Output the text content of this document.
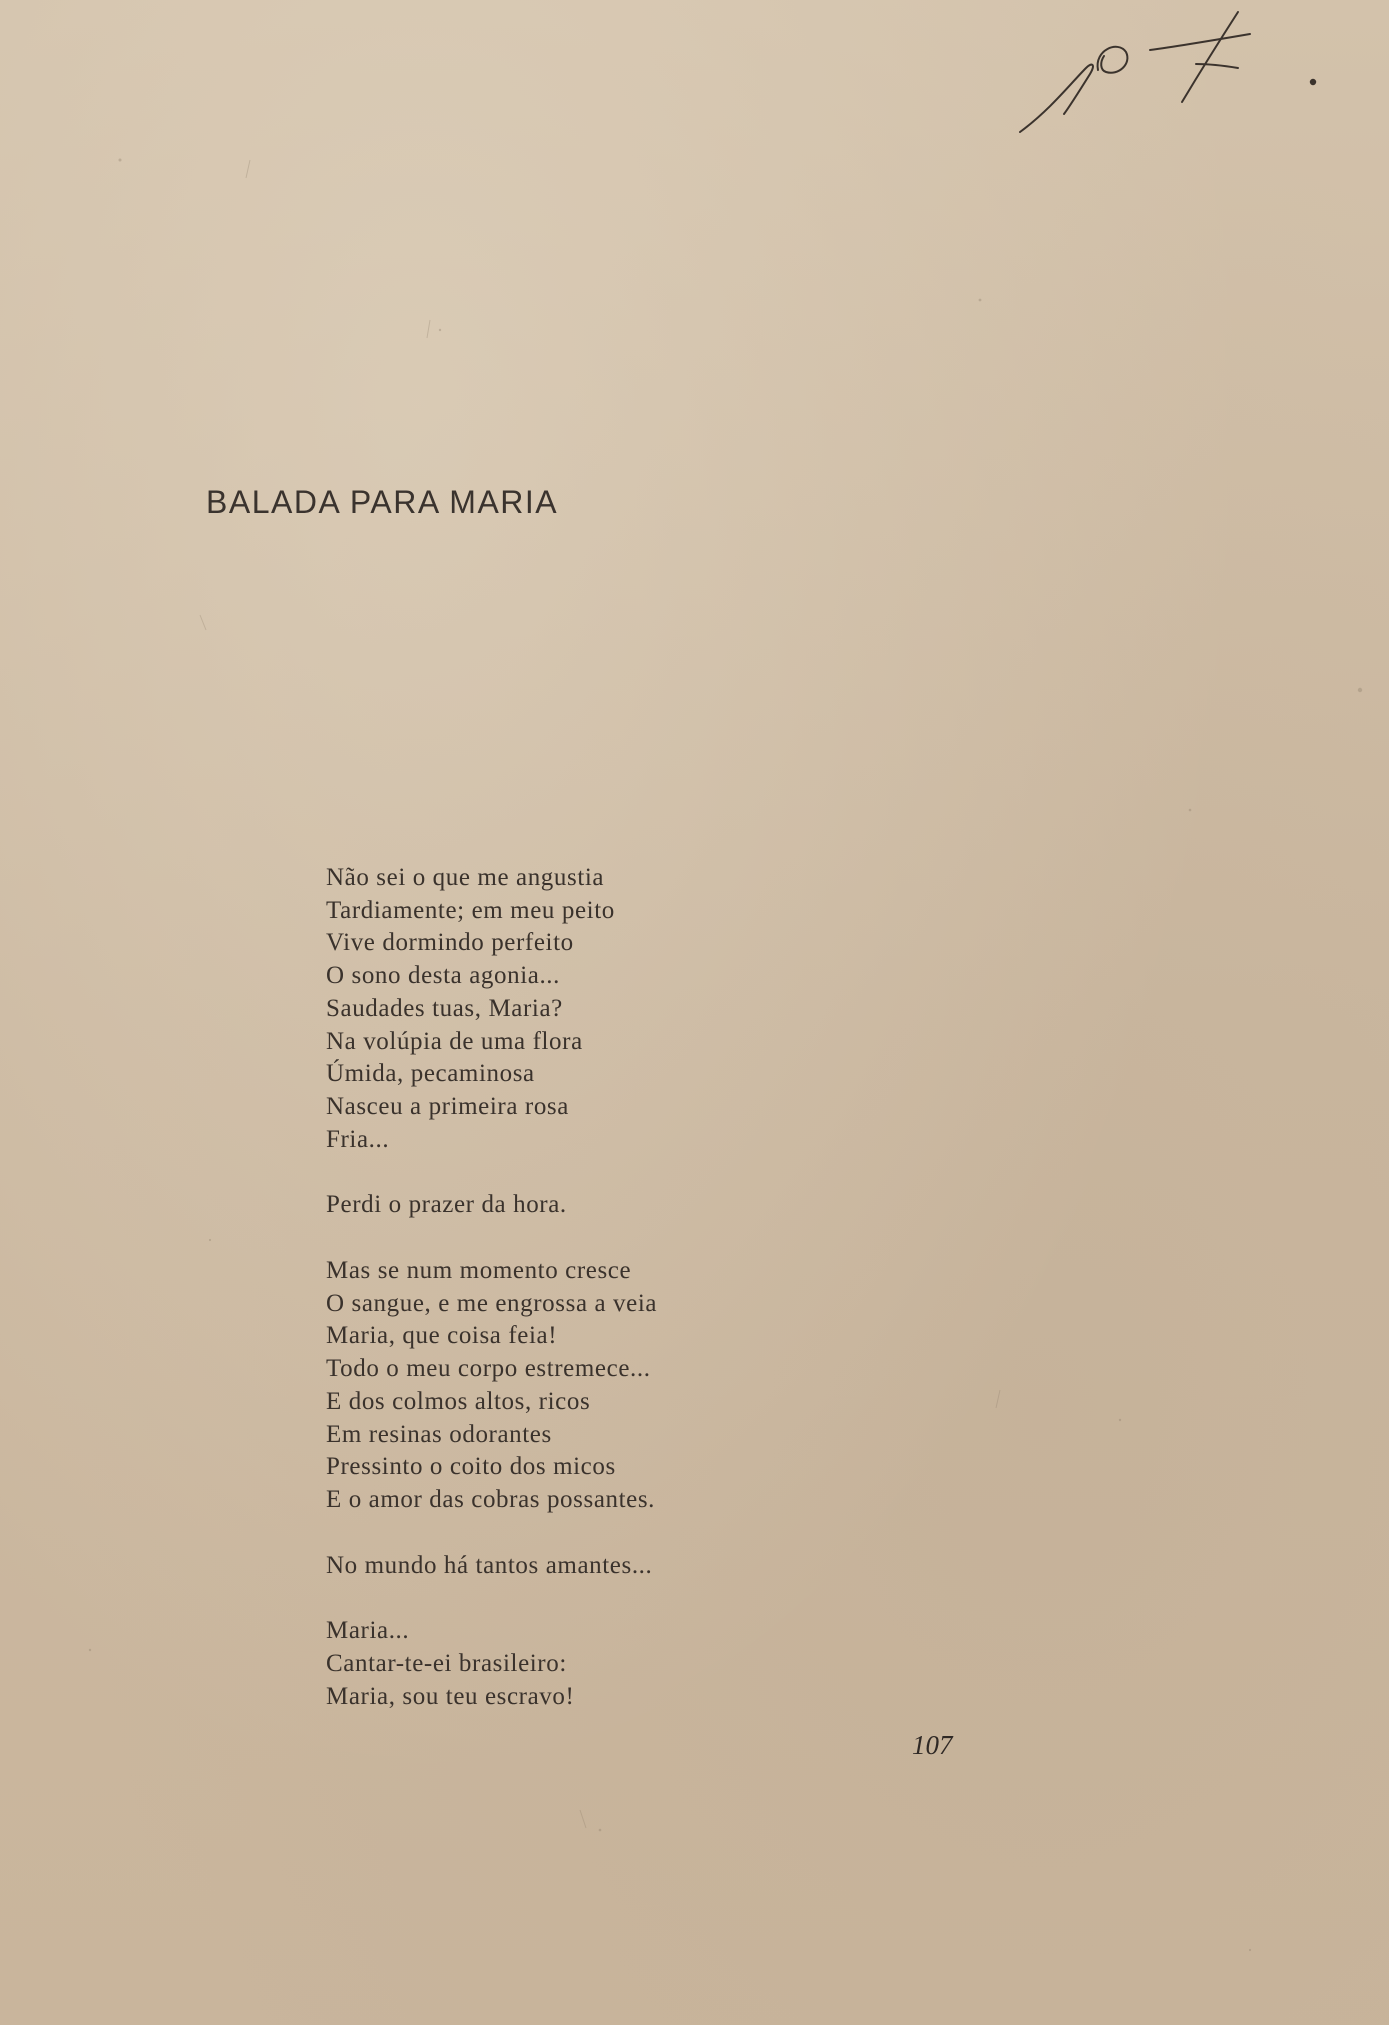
BALADA PARA MARIA
Não sei o que me angustia
Tardiamente; em meu peito
Vive dormindo perfeito
O sono desta agonia...
Saudades tuas, Maria?
Na volúpia de uma flora
Úmida, pecaminosa
Nasceu a primeira rosa
Fria...
Perdi o prazer da hora.
Mas se num momento cresce
O sangue, e me engrossa a veia
Maria, que coisa feia!
Todo o meu corpo estremece...
E dos colmos altos, ricos
Em resinas odorantes
Pressinto o coito dos micos
E o amor das cobras possantes.
No mundo há tantos amantes...
Maria...
Cantar-te-ei brasileiro:
Maria, sou teu escravo!
107
